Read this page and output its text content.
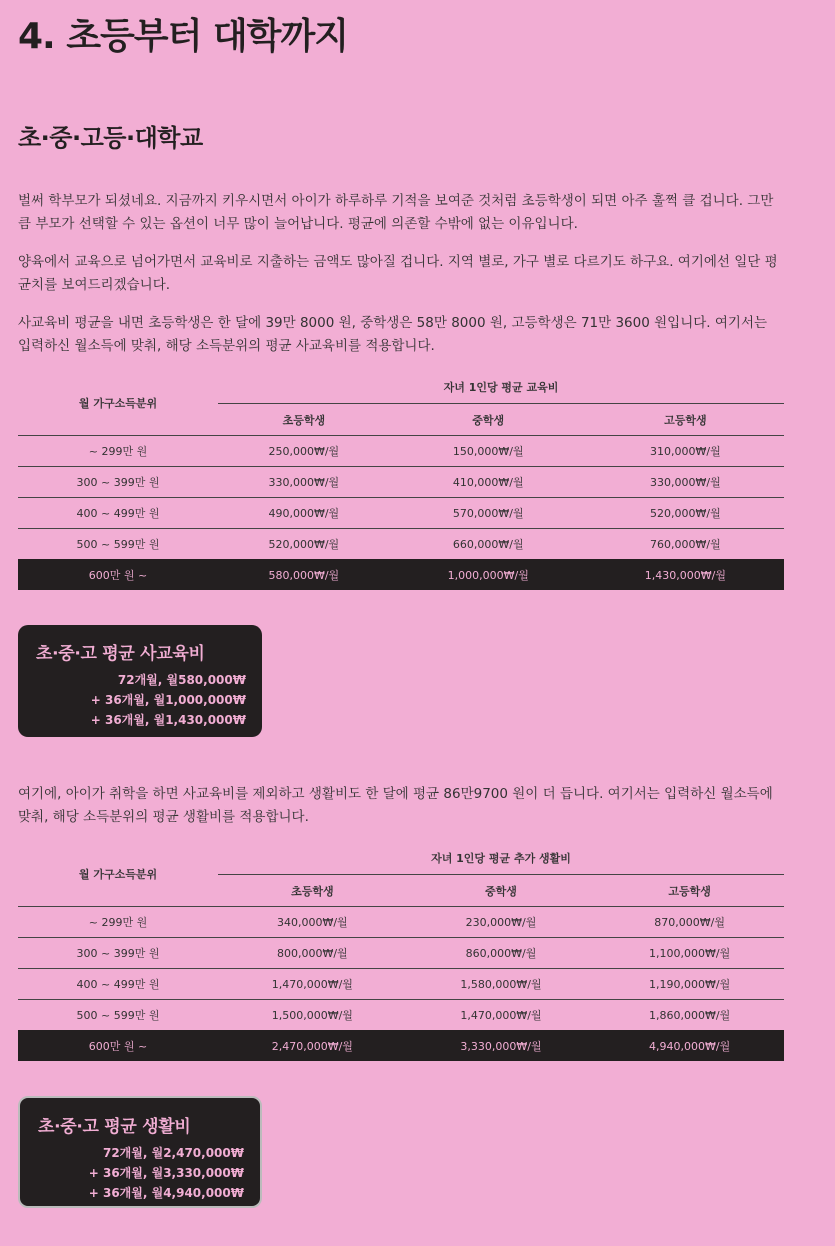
4. 초등부터 대학까지
초·중·고등·대학교

벌써 학부모가 되셨네요. 지금까지 키우시면서 아이가 하루하루 기적을 보여준 것처럼 초등학생이 되면 아주 훌쩍 클 겁니다. 그만큼 부모가 선택할 수 있는 옵션이 너무 많이 늘어납니다. 평균에 의존할 수밖에 없는 이유입니다.

양육에서 교육으로 넘어가면서 교육비로 지출하는 금액도 많아질 겁니다. 지역 별로, 가구 별로 다르기도 하구요. 여기에선 일단 평균치를 보여드리겠습니다.

사교육비 평균을 내면 초등학생은 한 달에 39만 8000 원, 중학생은 58만 8000 원, 고등학생은 71만 3600 원입니다. 여기서는 입력하신 월소득에 맞춰, 해당 소득분위의 평균 사교육비를 적용합니다.

월 가구소득분위	자녀 1인당 평균 교육비		
	초등학생	중학생	고등학생
~ 299만 원	250,000₩/월	150,000₩/월	310,000₩/월
300 ~ 399만 원	330,000₩/월	410,000₩/월	330,000₩/월
400 ~ 499만 원	490,000₩/월	570,000₩/월	520,000₩/월
500 ~ 599만 원	520,000₩/월	660,000₩/월	760,000₩/월
600만 원 ~	580,000₩/월	1,000,000₩/월	1,430,000₩/월
초·중·고 평균 사교육비
72개월, 월580,000₩
+ 36개월, 월1,000,000₩
+ 36개월, 월1,430,000₩

여기에, 아이가 취학을 하면 사교육비를 제외하고 생활비도 한 달에 평균 86만9700 원이 더 듭니다. 여기서는 입력하신 월소득에 맞춰, 해당 소득분위의 평균 생활비를 적용합니다.

월 가구소득분위	자녀 1인당 평균 추가 생활비		
	초등학생	중학생	고등학생
~ 299만 원	340,000₩/월	230,000₩/월	870,000₩/월
300 ~ 399만 원	800,000₩/월	860,000₩/월	1,100,000₩/월
400 ~ 499만 원	1,470,000₩/월	1,580,000₩/월	1,190,000₩/월
500 ~ 599만 원	1,500,000₩/월	1,470,000₩/월	1,860,000₩/월
600만 원 ~	2,470,000₩/월	3,330,000₩/월	4,940,000₩/월
초·중·고 평균 생활비
72개월, 월2,470,000₩
+ 36개월, 월3,330,000₩
+ 36개월, 월4,940,000₩
